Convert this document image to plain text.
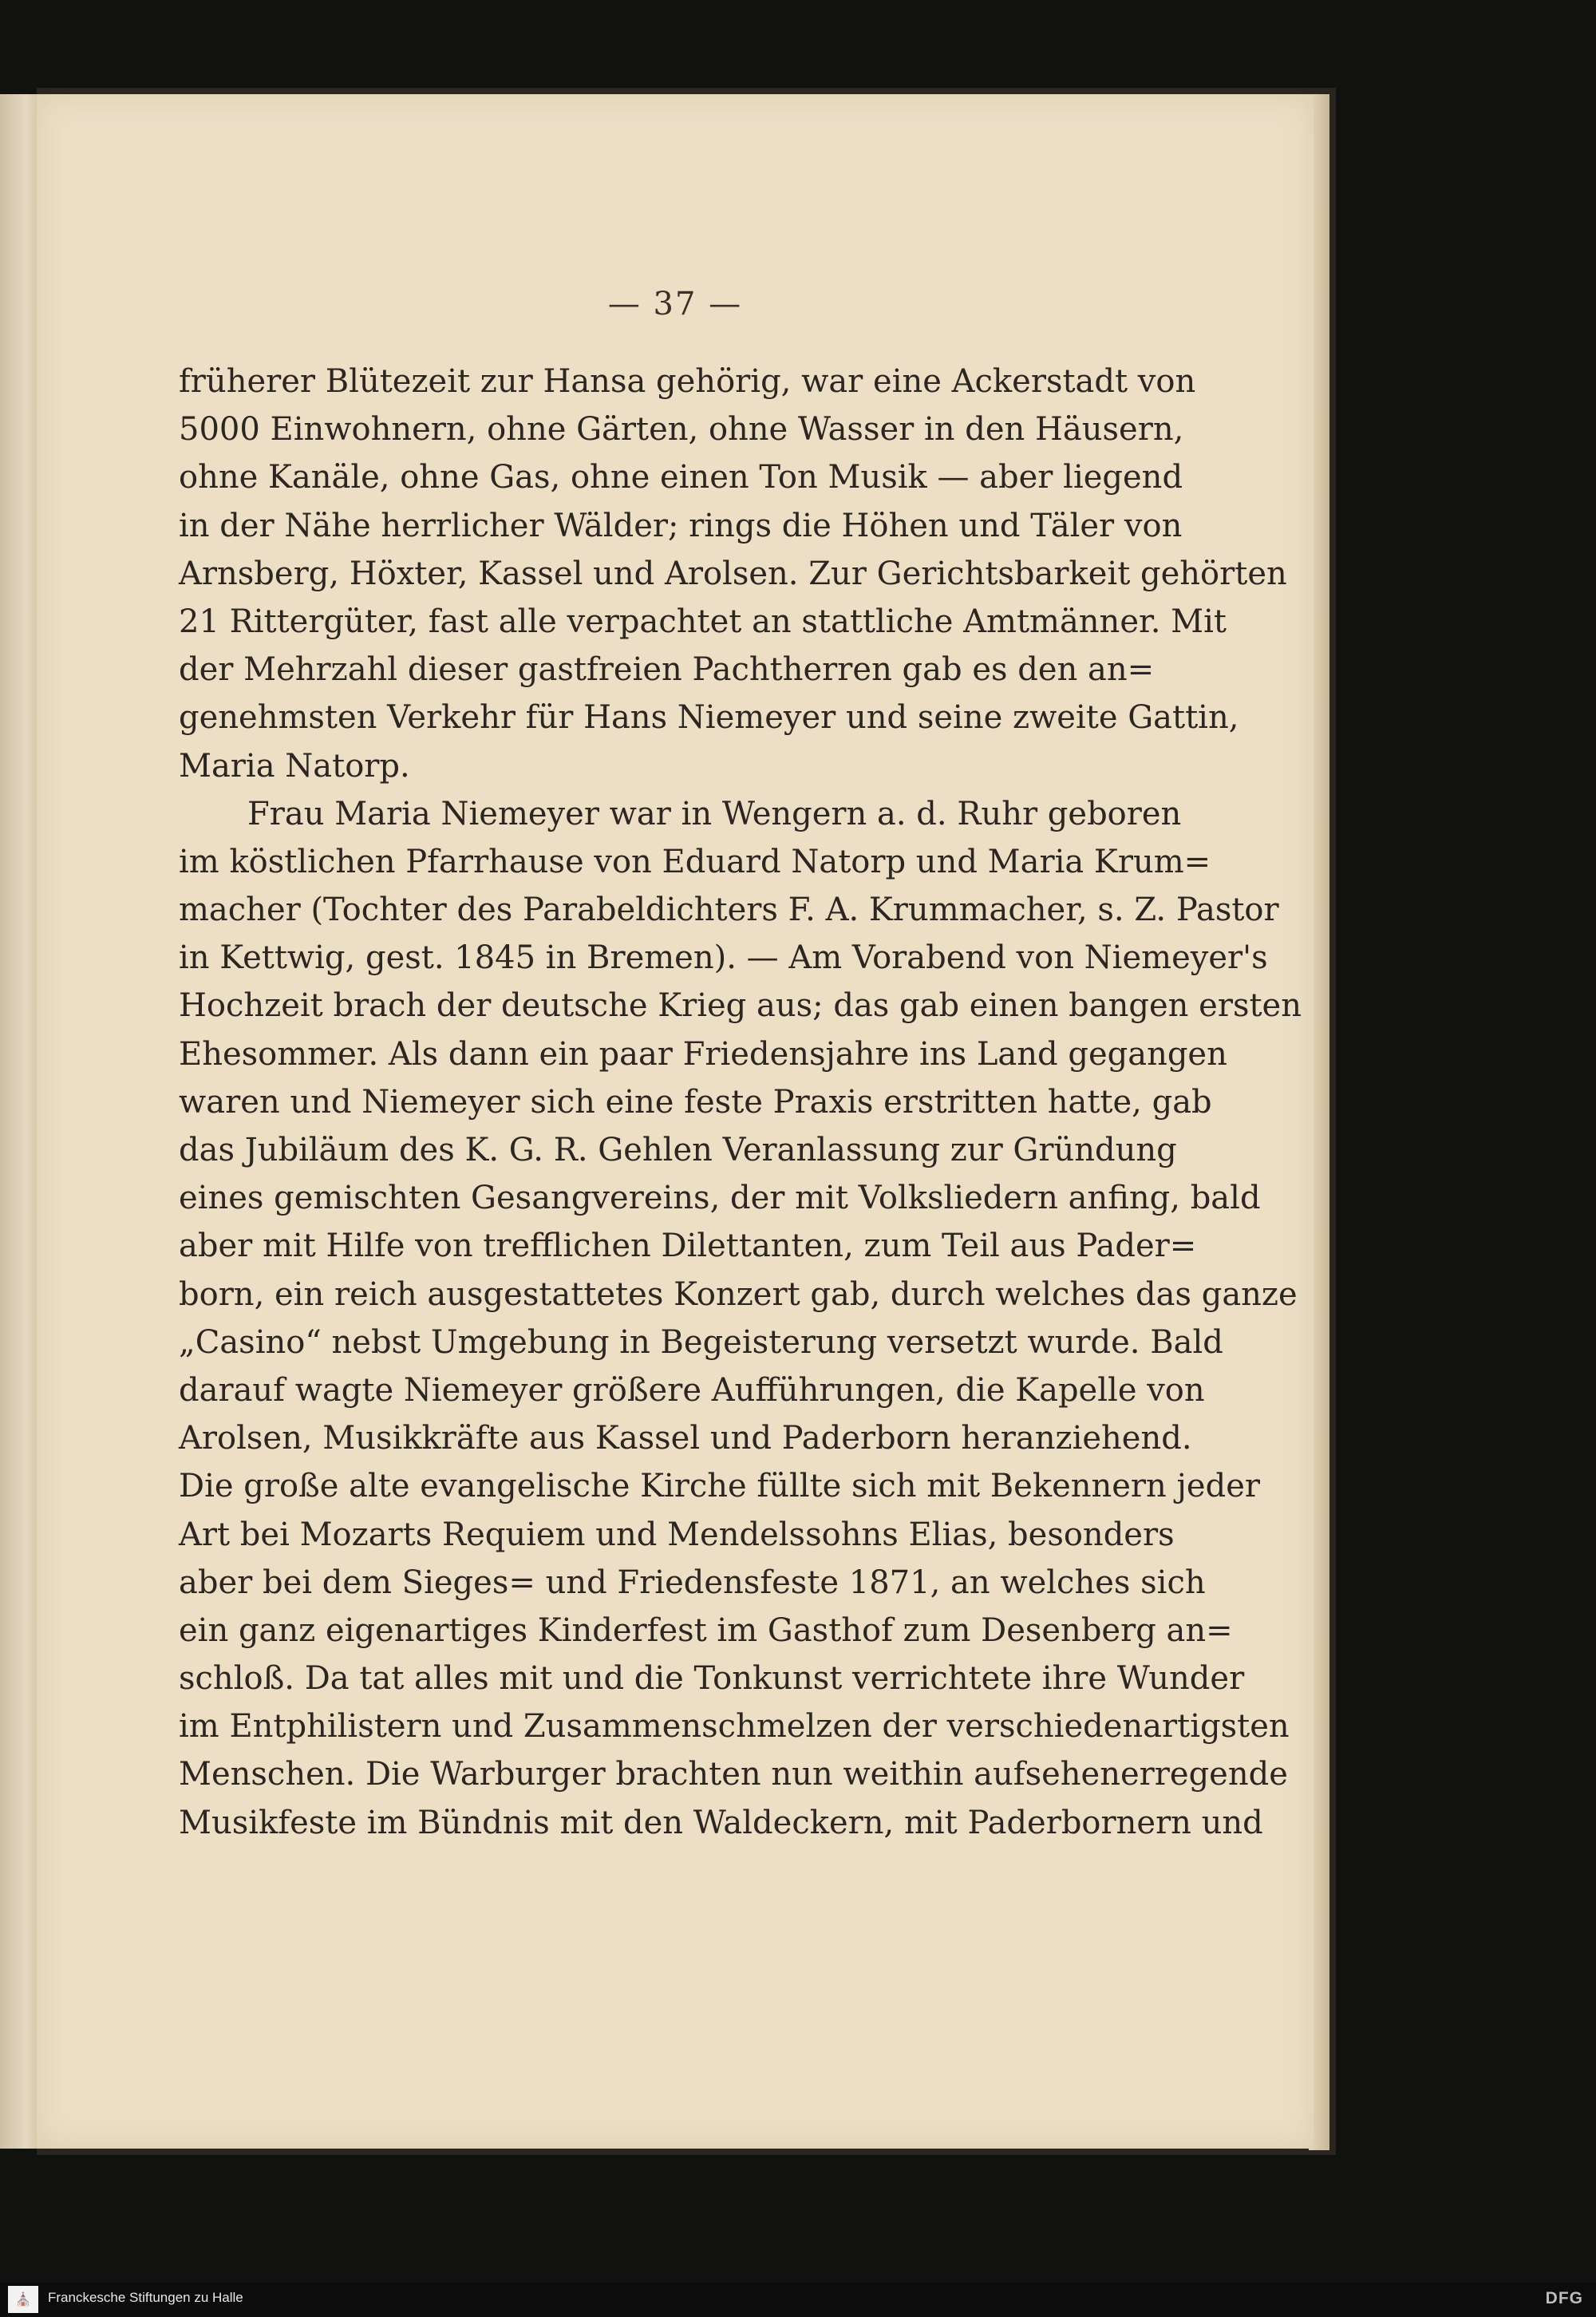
— 37 —
früherer Blütezeit zur Hansa gehörig, war eine Ackerstadt von
5000 Einwohnern, ohne Gärten, ohne Wasser in den Häusern,
ohne Kanäle, ohne Gas, ohne einen Ton Musik — aber liegend
in der Nähe herrlicher Wälder; rings die Höhen und Täler von
Arnsberg, Höxter, Kassel und Arolsen. Zur Gerichtsbarkeit gehörten
21 Rittergüter, fast alle verpachtet an stattliche Amtmänner. Mit
der Mehrzahl dieser gastfreien Pachtherren gab es den an=
genehmsten Verkehr für Hans Niemeyer und seine zweite Gattin,
Maria Natorp.
Frau Maria Niemeyer war in Wengern a. d. Ruhr geboren
im köstlichen Pfarrhause von Eduard Natorp und Maria Krum=
macher (Tochter des Parabeldichters F. A. Krummacher, s. Z. Pastor
in Kettwig, gest. 1845 in Bremen). — Am Vorabend von Niemeyer's
Hochzeit brach der deutsche Krieg aus; das gab einen bangen ersten
Ehesommer. Als dann ein paar Friedensjahre ins Land gegangen
waren und Niemeyer sich eine feste Praxis erstritten hatte, gab
das Jubiläum des K. G. R. Gehlen Veranlassung zur Gründung
eines gemischten Gesangvereins, der mit Volksliedern anfing, bald
aber mit Hilfe von trefflichen Dilettanten, zum Teil aus Pader=
born, ein reich ausgestattetes Konzert gab, durch welches das ganze
„Casino“ nebst Umgebung in Begeisterung versetzt wurde. Bald
darauf wagte Niemeyer größere Aufführungen, die Kapelle von
Arolsen, Musikkräfte aus Kassel und Paderborn heranziehend.
Die große alte evangelische Kirche füllte sich mit Bekennern jeder
Art bei Mozarts Requiem und Mendelssohns Elias, besonders
aber bei dem Sieges= und Friedensfeste 1871, an welches sich
ein ganz eigenartiges Kinderfest im Gasthof zum Desenberg an=
schloß. Da tat alles mit und die Tonkunst verrichtete ihre Wunder
im Entphilistern und Zusammenschmelzen der verschiedenartigsten
Menschen. Die Warburger brachten nun weithin aufsehenerregende
Musikfeste im Bündnis mit den Waldeckern, mit Paderbornern und
⛪	Franckesche Stiftungen zu Halle	DFG
